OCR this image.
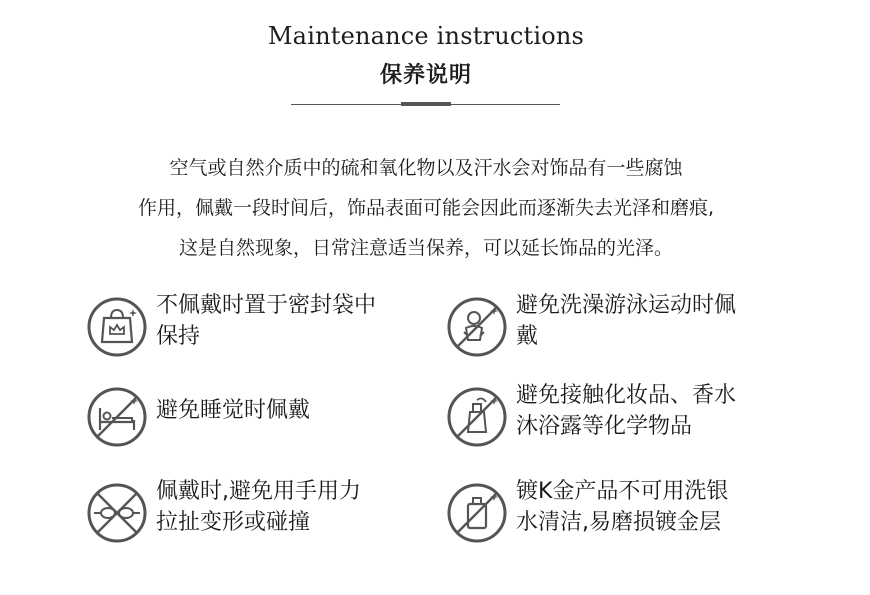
Maintenance instructions
保养说明

空气或自然介质中的硫和氧化物以及汗水会对饰品有一些腐蚀

作用，佩戴一段时间后，饰品表面可能会因此而逐渐失去光泽和磨痕,

这是自然现象，日常注意适当保养，可以延长饰品的光泽。

不佩戴时置于密封袋中
保持
避免洗澡游泳运动时佩
戴
避免睡觉时佩戴
避免接触化妆品、香水
沐浴露等化学物品
佩戴时,避免用手用力
拉扯变形或碰撞
镀K金产品不可用洗银
水清洁,易磨损镀金层
